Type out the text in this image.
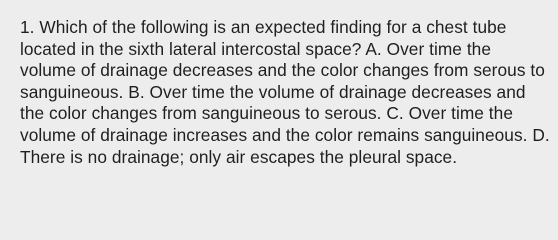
1. Which of the following is an expected finding for a chest tube located in the sixth lateral intercostal space? A. Over time the volume of drainage decreases and the color changes from serous to sanguineous. B. Over time the volume of drainage decreases and the color changes from sanguineous to serous. C. Over time the volume of drainage increases and the color remains sanguineous. D. There is no drainage; only air escapes the pleural space.
